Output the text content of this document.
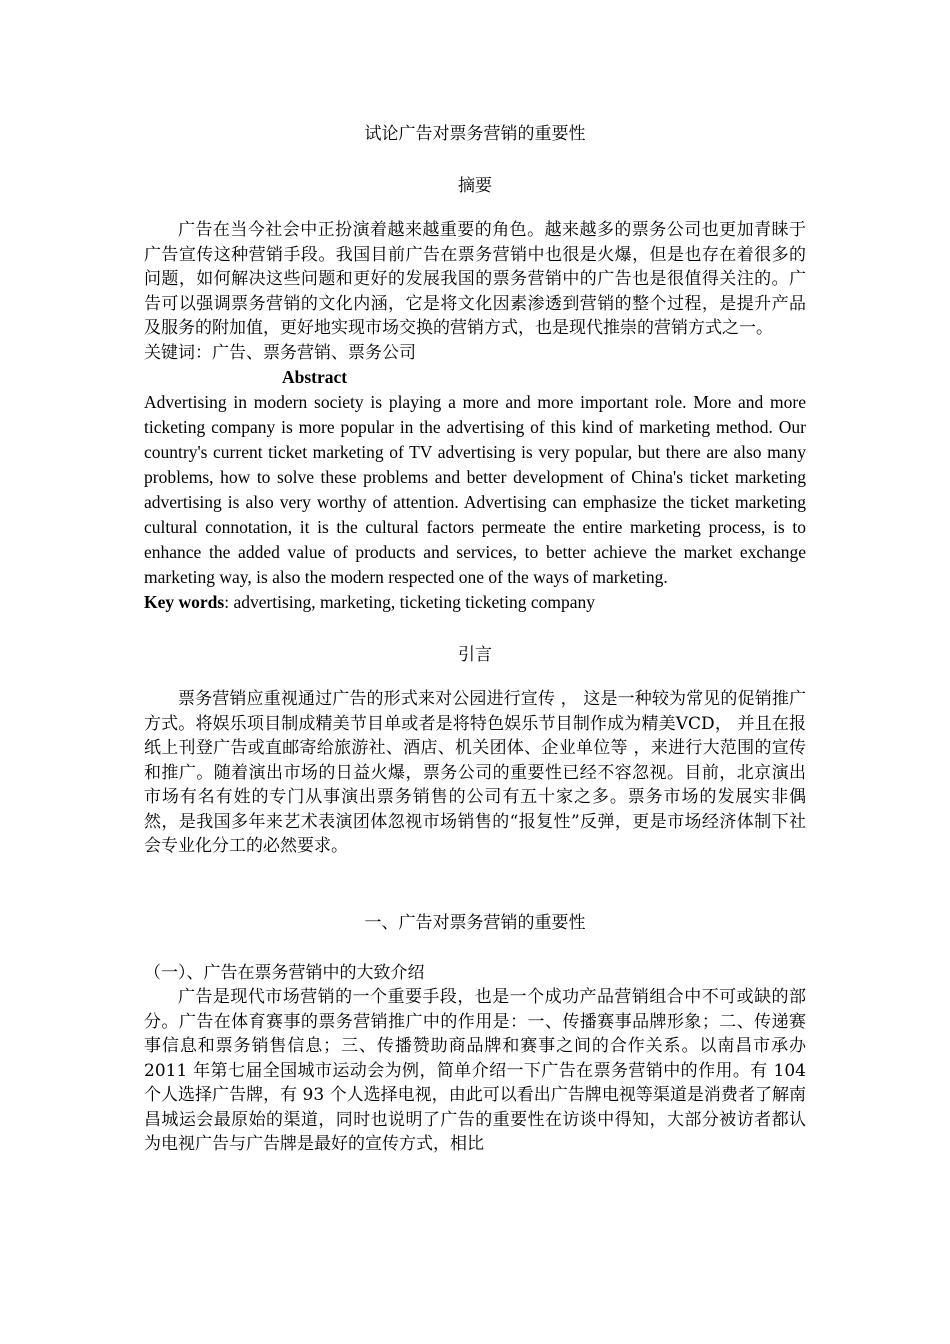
试论广告对票务营销的重要性

摘要

广告在当今社会中正扮演着越来越重要的角色。越来越多的票务公司也更加青睐于广告宣传这种营销手段。我国目前广告在票务营销中也很是火爆，但是也存在着很多的问题，如何解决这些问题和更好的发展我国的票务营销中的广告也是很值得关注的。广告可以强调票务营销的文化内涵，它是将文化因素渗透到营销的整个过程，是提升产品及服务的附加值，更好地实现市场交换的营销方式，也是现代推崇的营销方式之一。

关键词：广告、票务营销、票务公司

Abstract

Advertising in modern society is playing a more and more important role. More and more ticketing company is more popular in the advertising of this kind of marketing method. Our country's current ticket marketing of TV advertising is very popular, but there are also many problems, how to solve these problems and better development of China's ticket marketing advertising is also very worthy of attention. Advertising can emphasize the ticket marketing cultural connotation, it is the cultural factors permeate the entire marketing process, is to enhance the added value of products and services, to better achieve the market exchange marketing way, is also the modern respected one of the ways of marketing.

Key words: advertising, marketing, ticketing ticketing company

引言

票务营销应重视通过广告的形式来对公园进行宣传 ， 这是一种较为常见的促销推广方式。将娱乐项目制成精美节目单或者是将特色娱乐节目制作成为精美VCD， 并且在报纸上刊登广告或直邮寄给旅游社、酒店、机关团体、企业单位等 ，来进行大范围的宣传和推广。随着演出市场的日益火爆，票务公司的重要性已经不容忽视。目前，北京演出市场有名有姓的专门从事演出票务销售的公司有五十家之多。票务市场的发展实非偶然，是我国多年来艺术表演团体忽视市场销售的“报复性”反弹，更是市场经济体制下社会专业化分工的必然要求。

一、广告对票务营销的重要性

（一）、广告在票务营销中的大致介绍

广告是现代市场营销的一个重要手段，也是一个成功产品营销组合中不可或缺的部分。广告在体育赛事的票务营销推广中的作用是：一、传播赛事品牌形象；二、传递赛事信息和票务销售信息；三、传播赞助商品牌和赛事之间的合作关系。以南昌市承办 2011 年第七届全国城市运动会为例，简单介绍一下广告在票务营销中的作用。有 104 个人选择广告牌，有 93 个人选择电视，由此可以看出广告牌电视等渠道是消费者了解南昌城运会最原始的渠道，同时也说明了广告的重要性在访谈中得知，大部分被访者都认为电视广告与广告牌是最好的宣传方式，相比
